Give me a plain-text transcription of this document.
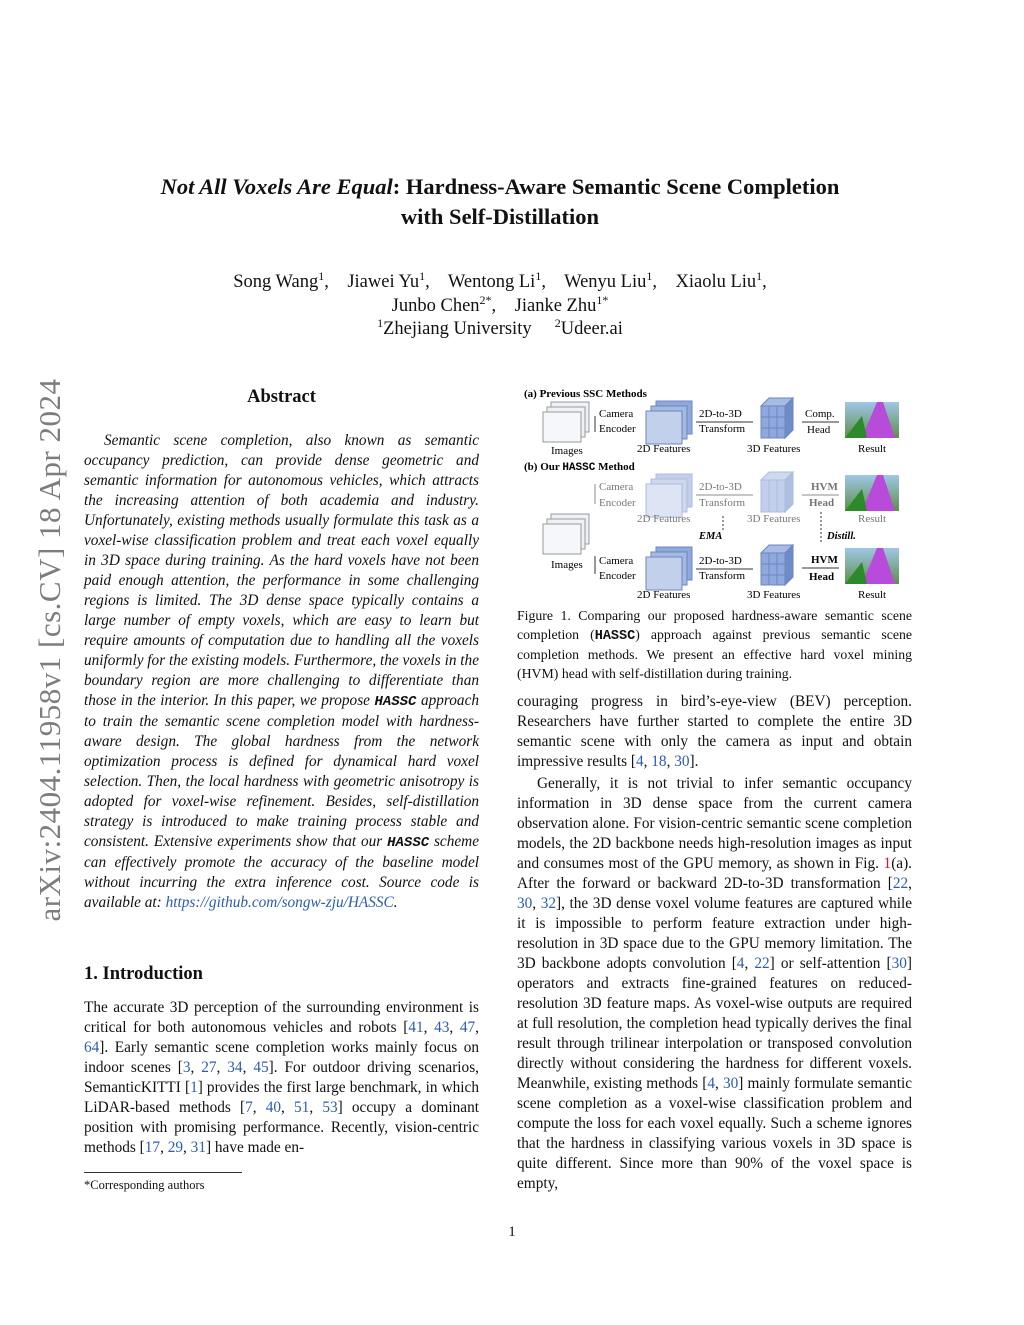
arXiv:2404.11958v1 [cs.CV] 18 Apr 2024
Not All Voxels Are Equal: Hardness-Aware Semantic Scene Completion
with Self-Distillation
Song Wang$^1$,    Jiawei Yu$^1$,    Wentong Li$^1$,    Wenyu Liu$^1$,    Xiaolu Liu$^1$,
Junbo Chen$^{2*}$,    Jianke Zhu$^{1*}$
$^1$Zhejiang University $^2$Udeer.ai
Abstract
Semantic scene completion, also known as semantic occupancy prediction, can provide dense geometric and semantic information for autonomous vehicles, which attracts the increasing attention of both academia and industry. Unfortunately, existing methods usually formulate this task as a voxel-wise classification problem and treat each voxel equally in 3D space during training. As the hard voxels have not been paid enough attention, the performance in some challenging regions is limited. The 3D dense space typically contains a large number of empty voxels, which are easy to learn but require amounts of computation due to handling all the voxels uniformly for the existing models. Furthermore, the voxels in the boundary region are more challenging to differentiate than those in the interior. In this paper, we propose HASSC approach to train the semantic scene completion model with hardness-aware design. The global hardness from the network optimization process is defined for dynamical hard voxel selection. Then, the local hardness with geometric anisotropy is adopted for voxel-wise refinement. Besides, self-distillation strategy is introduced to make training process stable and consistent. Extensive experiments show that our HASSC scheme can effectively promote the accuracy of the baseline model without incurring the extra inference cost. Source code is available at: https://github.com/songw-zju/HASSC.
1. Introduction
The accurate 3D perception of the surrounding environment is critical for both autonomous vehicles and robots [41, 43, 47, 64]. Early semantic scene completion works mainly focus on indoor scenes [3, 27, 34, 45]. For outdoor driving scenarios, SemanticKITTI [1] provides the first large benchmark, in which LiDAR-based methods [7, 40, 51, 53] occupy a dominant position with promising performance. Recently, vision-centric methods [17, 29, 31] have made en-
*Corresponding authors
(a) Previous SSC Methods
Images
Camera
Encoder
2D Features
2D-to-3D
Transform
3D Features
Comp.
Head
Result
(b) Our HASSC Method
Camera
Encoder
2D Features
2D-to-3D
Transform
3D Features
HVM
Head
Result
Images
EMA	Distill.
Camera
Encoder
2D Features
2D-to-3D
Transform
3D Features
HVM
Head
Result
Figure 1. Comparing our proposed hardness-aware semantic scene completion (HASSC) approach against previous semantic scene completion methods. We present an effective hard voxel mining (HVM) head with self-distillation during training.
couraging progress in bird’s-eye-view (BEV) perception. Researchers have further started to complete the entire 3D semantic scene with only the camera as input and obtain impressive results [4, 18, 30].
Generally, it is not trivial to infer semantic occupancy information in 3D dense space from the current camera observation alone. For vision-centric semantic scene completion models, the 2D backbone needs high-resolution images as input and consumes most of the GPU memory, as shown in Fig. 1(a). After the forward or backward 2D-to-3D transformation [22, 30, 32], the 3D dense voxel volume features are captured while it is impossible to perform feature extraction under high-resolution in 3D space due to the GPU memory limitation. The 3D backbone adopts convolution [4, 22] or self-attention [30] operators and extracts fine-grained features on reduced-resolution 3D feature maps. As voxel-wise outputs are required at full resolution, the completion head typically derives the final result through trilinear interpolation or transposed convolution directly without considering the hardness for different voxels. Meanwhile, existing methods [4, 30] mainly formulate semantic scene completion as a voxel-wise classification problem and compute the loss for each voxel equally. Such a scheme ignores that the hardness in classifying various voxels in 3D space is quite different. Since more than 90% of the voxel space is empty,
1
